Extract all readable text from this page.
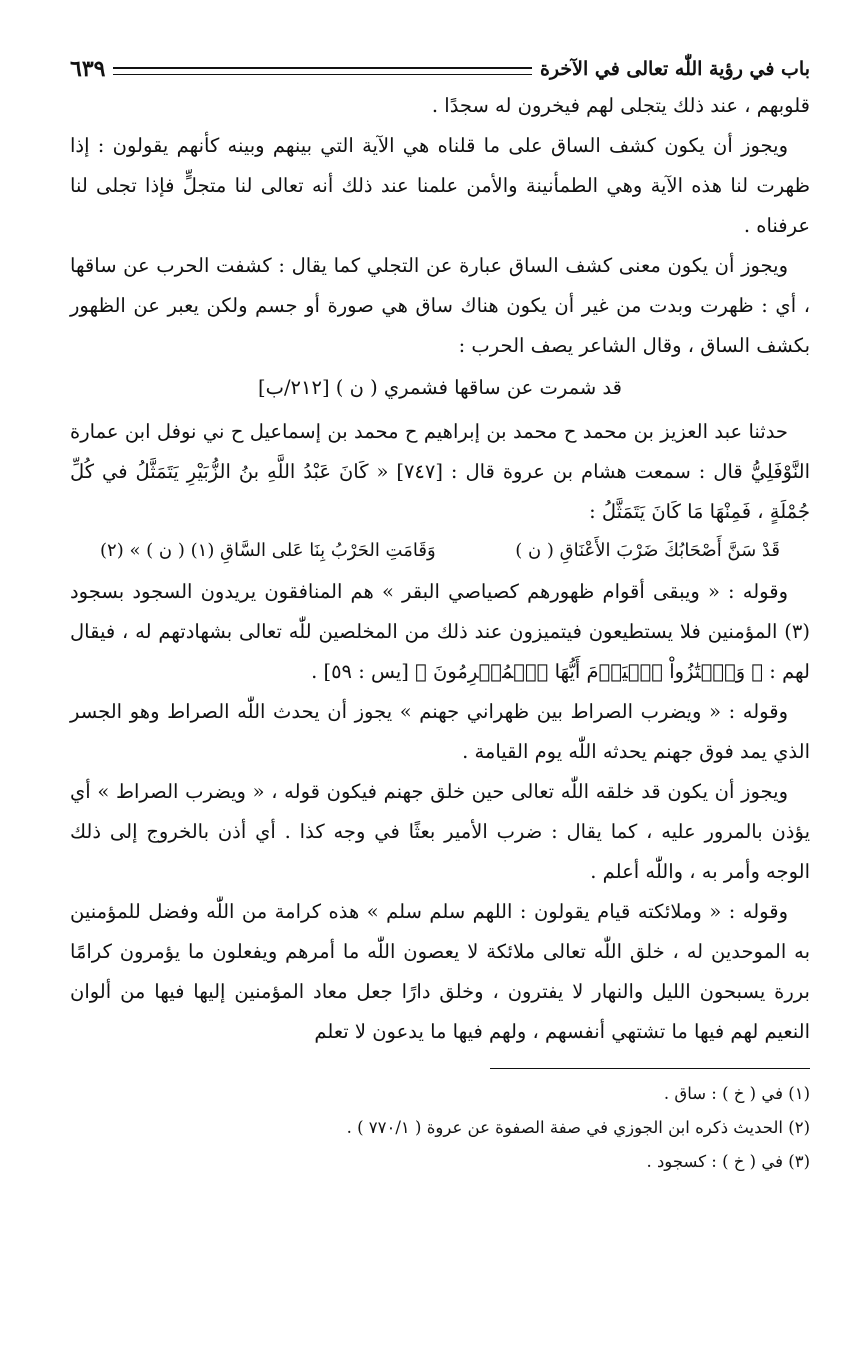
باب في رؤية اللّٰه تعالى في الآخرة
٦٣٩

قلوبهم ، عند ذلك يتجلى لهم فيخرون له سجدًا .

ويجوز أن يكون كشف الساق على ما قلناه هي الآية التي بينهم وبينه كأنهم يقولون : إذا ظهرت لنا هذه الآية وهي الطمأنينة والأمن علمنا عند ذلك أنه تعالى لنا متجلٍّ فإذا تجلى لنا عرفناه .

ويجوز أن يكون معنى كشف الساق عبارة عن التجلي كما يقال : كشفت الحرب عن ساقها ، أي : ظهرت وبدت من غير أن يكون هناك ساق هي صورة أو جسم ولكن يعبر عن الظهور بكشف الساق ، وقال الشاعر يصف الحرب :

قد شمرت عن ساقها فشمري ( ن ) [٢١٢/ب]

حدثنا عبد العزيز بن محمد ح محمد بن إبراهيم ح محمد بن إسماعيل ح ني نوفل ابن عمارة النَّوْفَلِيُّ قال : سمعت هشام بن عروة قال : [٧٤٧] « كَانَ عَبْدُ اللَّهِ بنُ الزُّبَيْرِ يَتَمَثَّلُ في كُلِّ جُمْلَةٍ ، فَمِنْهَا مَا كَانَ يَتَمَثَّلُ :

قَدْ سَنَّ أَصْحَابُكَ ضَرْبَ الأَعْنَاقِ ( ن )
وَقَامَتِ الحَرْبُ بِنَا عَلى السَّاقِ (١) ( ن ) » (٢)

وقوله : « ويبقى أقوام ظهورهم كصياصي البقر » هم المنافقون يريدون السجود بسجود (٣) المؤمنين فلا يستطيعون فيتميزون عند ذلك من المخلصين للّٰه تعالى بشهادتهم له ، فيقال لهم : ﴿ وَٱمۡتَٰزُواْ ٱلۡيَوۡمَ أَيُّهَا ٱلۡمُجۡرِمُونَ ﴾ [يس : ٥٩] .

وقوله : « ويضرب الصراط بين ظهراني جهنم » يجوز أن يحدث اللّٰه الصراط وهو الجسر الذي يمد فوق جهنم يحدثه اللّٰه يوم القيامة .

ويجوز أن يكون قد خلقه اللّٰه تعالى حين خلق جهنم فيكون قوله ، « ويضرب الصراط » أي يؤذن بالمرور عليه ، كما يقال : ضرب الأمير بعثًا في وجه كذا . أي أذن بالخروج إلى ذلك الوجه وأمر به ، واللّٰه أعلم .

وقوله : « وملائكته قيام يقولون : اللهم سلم سلم » هذه كرامة من اللّٰه وفضل للمؤمنين به الموحدين له ، خلق اللّٰه تعالى ملائكة لا يعصون اللّٰه ما أمرهم ويفعلون ما يؤمرون كرامًا بررة يسبحون الليل والنهار لا يفترون ، وخلق دارًا جعل معاد المؤمنين إليها فيها من ألوان النعيم لهم فيها ما تشتهي أنفسهم ، ولهم فيها ما يدعون لا تعلم

(١) في ( خ ) : ساق .

(٢) الحديث ذكره ابن الجوزي في صفة الصفوة عن عروة ( ٧٧٠/١ ) .

(٣) في ( خ ) : كسجود .
